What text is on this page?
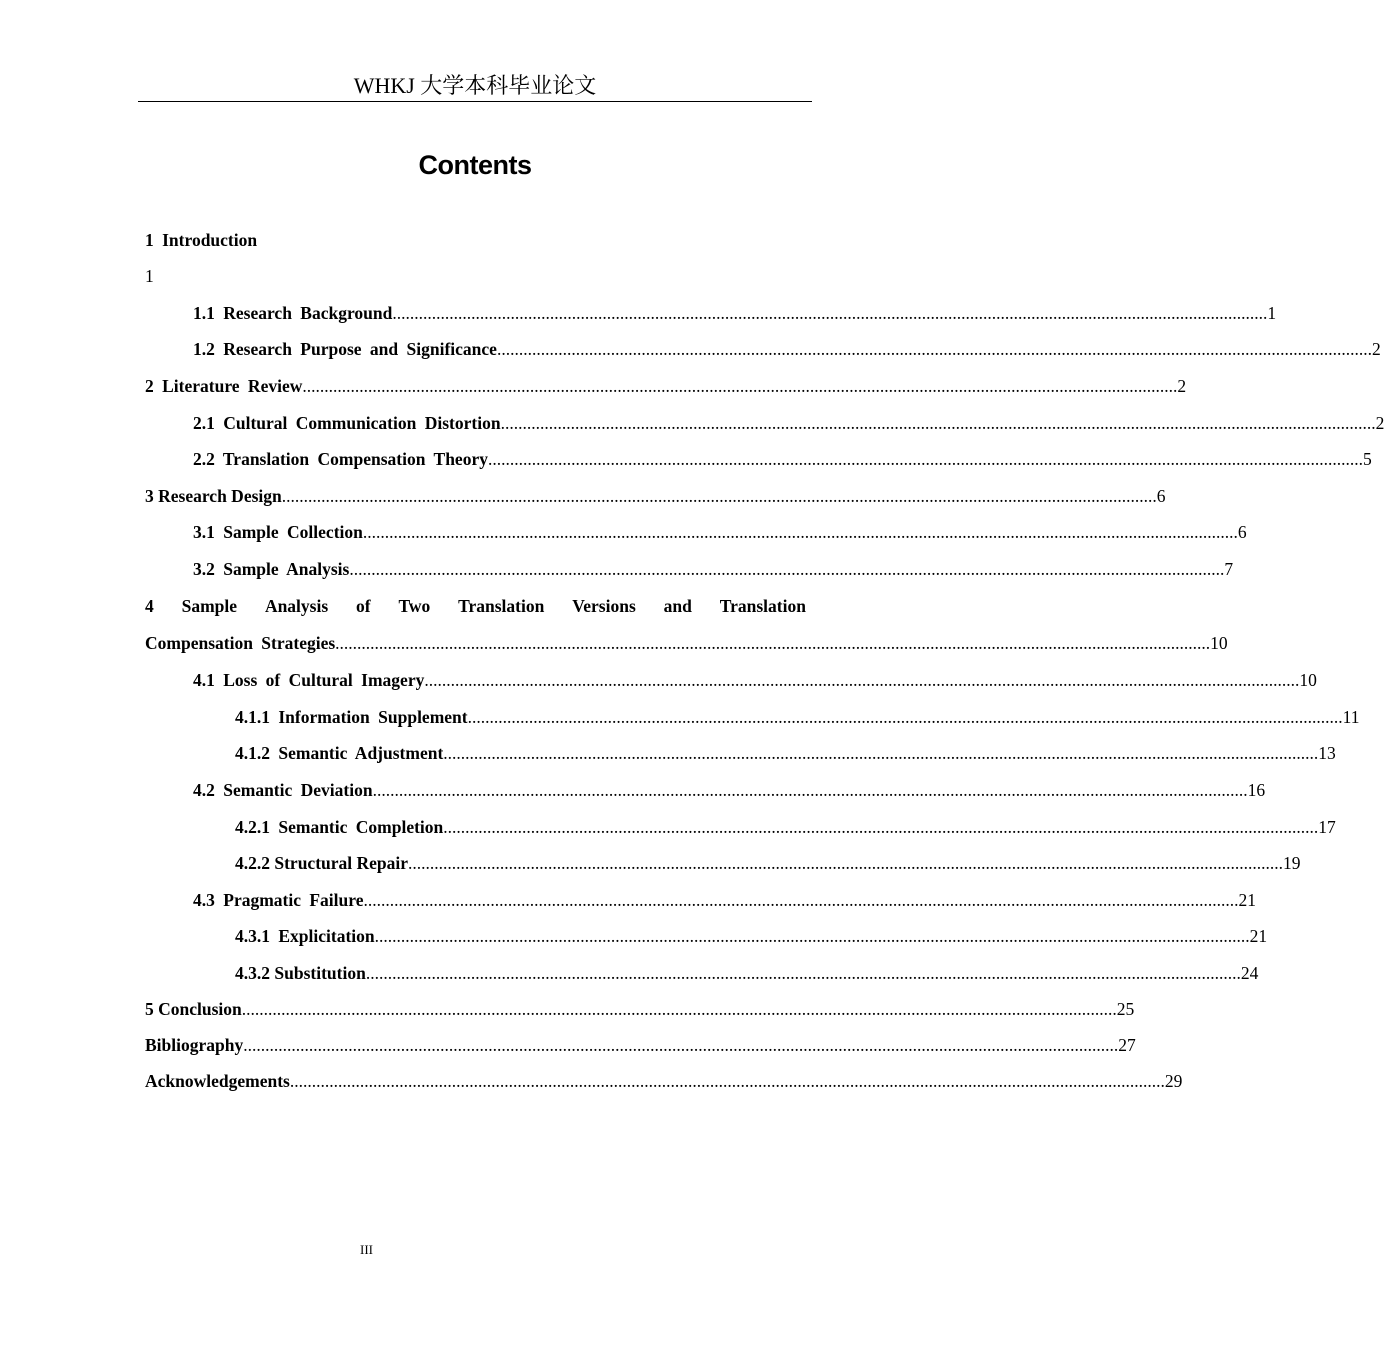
WHKJ 大学本科毕业论文
Contents
1 Introduction
1
1.1 Research Background ........................................................................................................................................................................................................ 1
1.2 Research Purpose and Significance ........................................................................................................................................................................................................ 2
2 Literature Review ........................................................................................................................................................................................................ 2
2.1 Cultural Communication Distortion ........................................................................................................................................................................................................ 2
2.2 Translation Compensation Theory ........................................................................................................................................................................................................ 5
3 Research Design ........................................................................................................................................................................................................ 6
3.1 Sample Collection ........................................................................................................................................................................................................ 6
3.2 Sample Analysis ........................................................................................................................................................................................................ 7
4 Sample Analysis of Two Translation Versions and Translation
Compensation Strategies ........................................................................................................................................................................................................ 10
4.1 Loss of Cultural Imagery ........................................................................................................................................................................................................ 10
4.1.1 Information Supplement ........................................................................................................................................................................................................ 11
4.1.2 Semantic Adjustment ........................................................................................................................................................................................................ 13
4.2 Semantic Deviation ........................................................................................................................................................................................................ 16
4.2.1 Semantic Completion ........................................................................................................................................................................................................ 17
4.2.2 Structural Repair ........................................................................................................................................................................................................ 19
4.3 Pragmatic Failure ........................................................................................................................................................................................................ 21
4.3.1 Explicitation ........................................................................................................................................................................................................ 21
4.3.2 Substitution ........................................................................................................................................................................................................ 24
5 Conclusion ........................................................................................................................................................................................................ 25
Bibliography ........................................................................................................................................................................................................ 27
Acknowledgements ........................................................................................................................................................................................................ 29
III
